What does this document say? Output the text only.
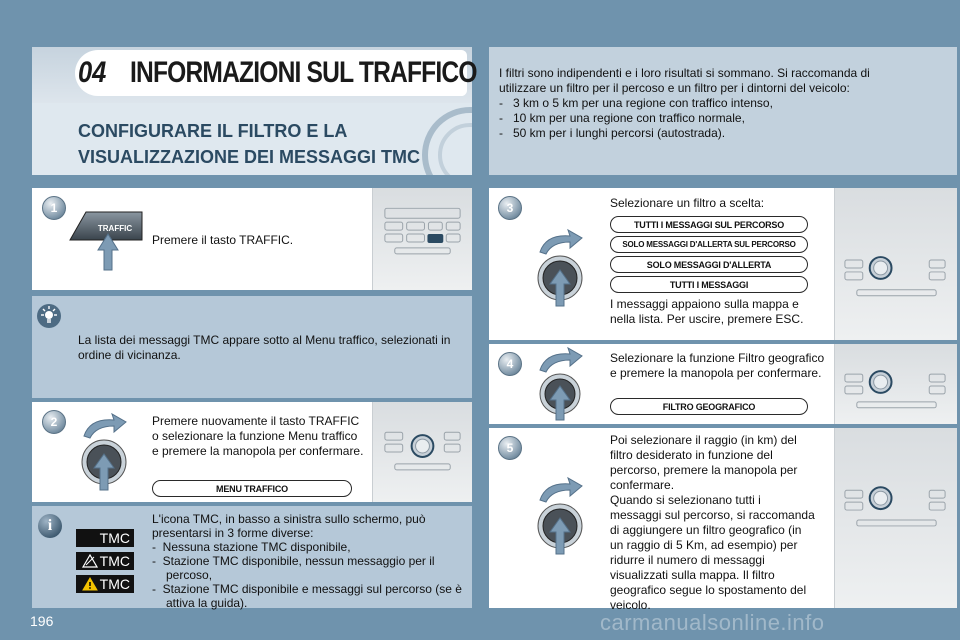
04 INFORMAZIONI SUL TRAFFICO
CONFIGURARE IL FILTRO E LA VISUALIZZAZIONE DEI MESSAGGI TMC
I filtri sono indipendenti e i loro risultati si sommano. Si raccomanda di utilizzare un filtro per il percoso e un filtro per i dintorni del veicolo:
-   3 km o 5 km per una regione con traffico intenso,
-   10 km per una regione con traffico normale,
-   50 km per i lunghi percorsi (autostrada).
1
TRAFFIC
Premere il tasto TRAFFIC.
La lista dei messaggi TMC appare sotto al Menu traffico, selezionati in ordine di vicinanza.
2	Premere nuovamente il tasto TRAFFIC o selezionare la funzione Menu traffico e premere la manopola per confermare.
MENU TRAFFICO
i
TMC
TMC
TMC
L'icona TMC, in basso a sinistra sullo schermo, può presentarsi in 3 forme diverse:

-  Nessuna stazione TMC disponibile,
-  Stazione TMC disponibile, nessun messaggio per il percoso,
-  Stazione TMC disponibile e messaggi sul percorso (se è attiva la guida).
3	Selezionare un filtro a scelta:
TUTTI I MESSAGGI SUL PERCORSO
SOLO MESSAGGI D'ALLERTA SUL PERCORSO
SOLO MESSAGGI D'ALLERTA
TUTTI I MESSAGGI
I messaggi appaiono sulla mappa e nella lista. Per uscire, premere ESC.
4	Selezionare la funzione Filtro geografico e premere la manopola per confermare.
FILTRO GEOGRAFICO
5
Poi selezionare il raggio (in km) del filtro desiderato in funzione del percorso, premere la manopola per confermare.
Quando si selezionano tutti i messaggi sul percorso, si raccomanda di aggiungere un filtro geografico (in un raggio di 5 Km, ad esempio) per ridurre il numero di messaggi visualizzati sulla mappa. Il filtro geografico segue lo spostamento del veicolo.
196	carmanualsonline.info
